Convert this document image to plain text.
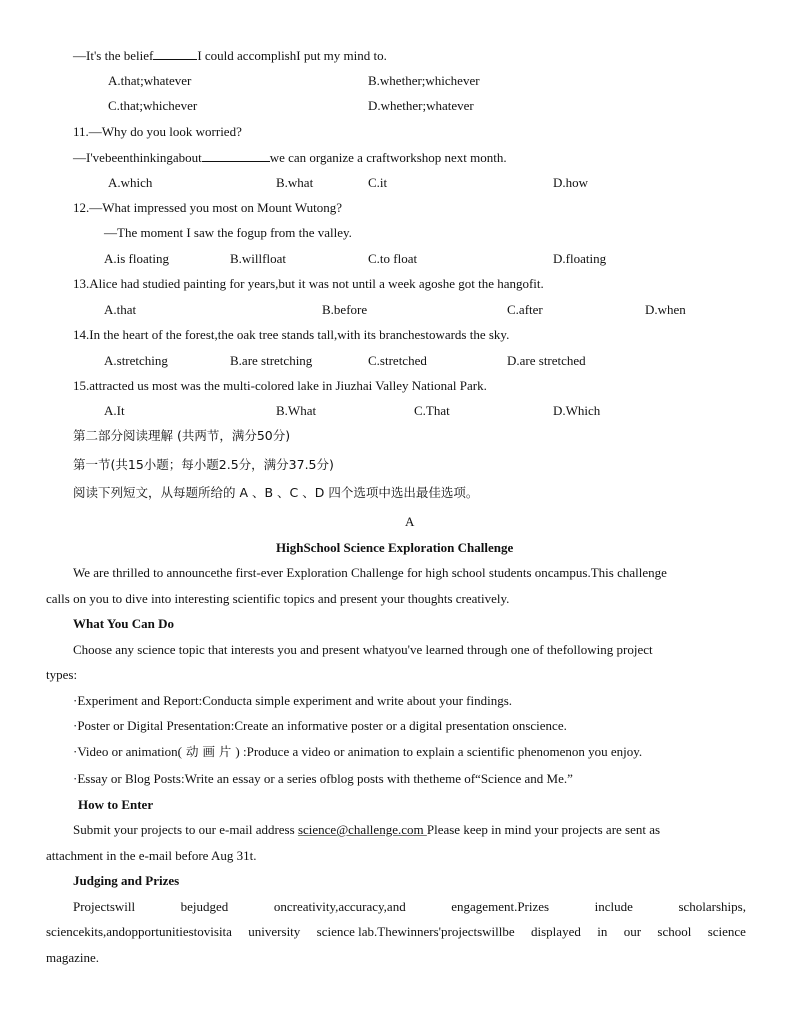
—It's the belief	I could accomplishI put my mind to.
A.that;whatever	B.whether;whichever
C.that;whichever	D.whether;whatever
11.—Why do you look worried?
—I'vebeenthinkingabout	we can organize a craftworkshop next month.
A.which	B.what	C.it	D.how
12.—What impressed you most on Mount Wutong?
—The moment I saw the fogup from the valley.
A.is floating	B.willfloat	C.to float	D.floating
13.Alice had studied painting for years,but it was not until a week agoshe got the hangofit.
A.that	B.before	C.after	D.when
14.In the heart of the forest,the oak tree stands tall,with its branchestowards the sky.
A.stretching	B.are stretching	C.stretched	D.are stretched
15.attracted us most was the multi-colored lake in Jiuzhai Valley National Park.
A.It	B.What	C.That	D.Which
第二部分阅读理解 (共两节，满分50分)
第一节(共15小题；每小题2.5分，满分37.5分)
阅读下列短文，从每题所给的 A 、B 、C 、D 四个选项中选出最佳选项。
A
HighSchool Science Exploration Challenge
We are thrilled to announcethe first-ever Exploration Challenge for high school students oncampus.This challenge
calls on you to dive into interesting scientific topics and present your thoughts creatively.
What You Can Do
Choose any science topic that interests you and present whatyou've learned through one of thefollowing project
types:
·Experiment and Report:Conducta simple experiment and write about your findings.
·Poster or Digital Presentation:Create an informative poster or a digital presentation onscience.
·Video or animation( 动 画 片 ) :Produce a video or animation to explain a scientific phenomenon you enjoy.
·Essay or Blog Posts:Write an essay or a series ofblog posts with thetheme of“Science and Me.”
How to Enter
Submit your projects to our e-mail address science@challenge.com Please keep in mind your projects are sent as
attachment in the e-mail before Aug 31t.
Judging and Prizes
Projectswill	bejudged	oncreativity,accuracy,and	engagement.Prizes	include	scholarships,
sciencekits,andopportunitiestovisita university science lab.Thewinners'projectswillbe displayed in our school science
magazine.
